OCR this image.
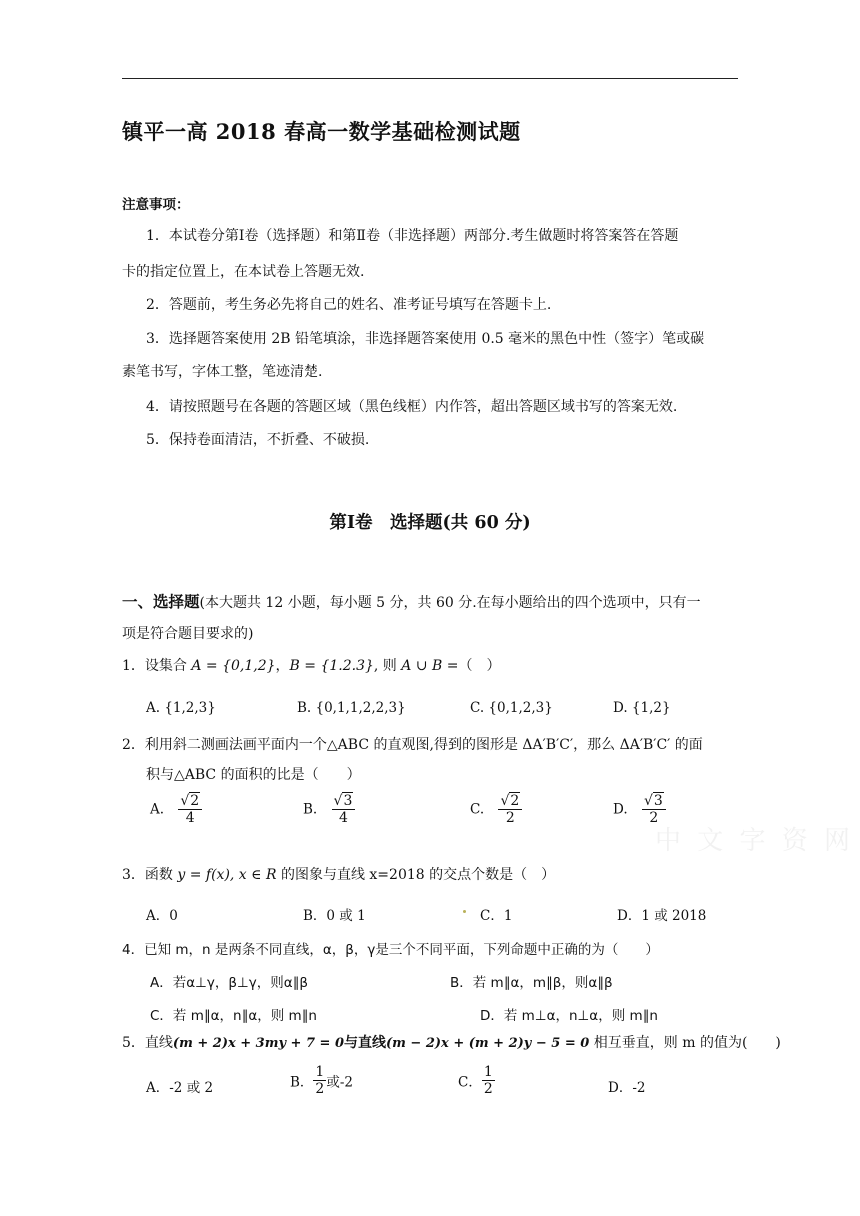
镇平一高 2018 春高一数学基础检测试题
注意事项：
1．本试卷分第Ⅰ卷（选择题）和第Ⅱ卷（非选择题）两部分.考生做题时将答案答在答题
卡的指定位置上，在本试卷上答题无效.
2．答题前，考生务必先将自己的姓名、准考证号填写在答题卡上.
3．选择题答案使用 2B 铅笔填涂，非选择题答案使用 0.5 毫米的黑色中性（签字）笔或碳
素笔书写，字体工整，笔迹清楚.
4．请按照题号在各题的答题区域（黑色线框）内作答，超出答题区域书写的答案无效.
5．保持卷面清洁，不折叠、不破损.
第Ⅰ卷　选择题(共 60 分)
一、选择题(本大题共 12 小题，每小题 5 分，共 60 分.在每小题给出的四个选项中，只有一
项是符合题目要求的)
1．设集合 A = {0,1,2}，B = {1.2.3}, 则 A ∪ B =（　）
A. {1,2,3}	B. {0,1,1,2,2,3}	C. {0,1,2,3}	D. {1,2}
2．利用斜二测画法画平面内一个△ABC 的直观图,得到的图形是 ΔA′B′C′，那么 ΔA′B′C′ 的面
积与△ABC 的面积的比是（　　）
A. $\frac{√2}{4}$	B. $\frac{√3}{4}$	C. $\frac{√2}{2}$	D. $\frac{√3}{2}$
中 文 字 资 网
3．函数 y = f(x), x ∈ R 的图象与直线 x=2018 的交点个数是（　）
A．0	B．0 或 1	C．1	D．1 或 2018
4．已知 m，n 是两条不同直线，α，β，γ是三个不同平面，下列命题中正确的为（　　）
A．若α⊥γ，β⊥γ，则α∥β	B．若 m∥α，m∥β，则α∥β
C．若 m∥α，n∥α，则 m∥n	D．若 m⊥α，n⊥α，则 m∥n
5．直线(m + 2)x + 3my + 7 = 0与直线(m − 2)x + (m + 2)y − 5 = 0 相互垂直，则 m 的值为(　　)
A．-2 或 2	B． $\frac{1}{2}$ 或-2	C． $\frac{1}{2}$	D．-2
